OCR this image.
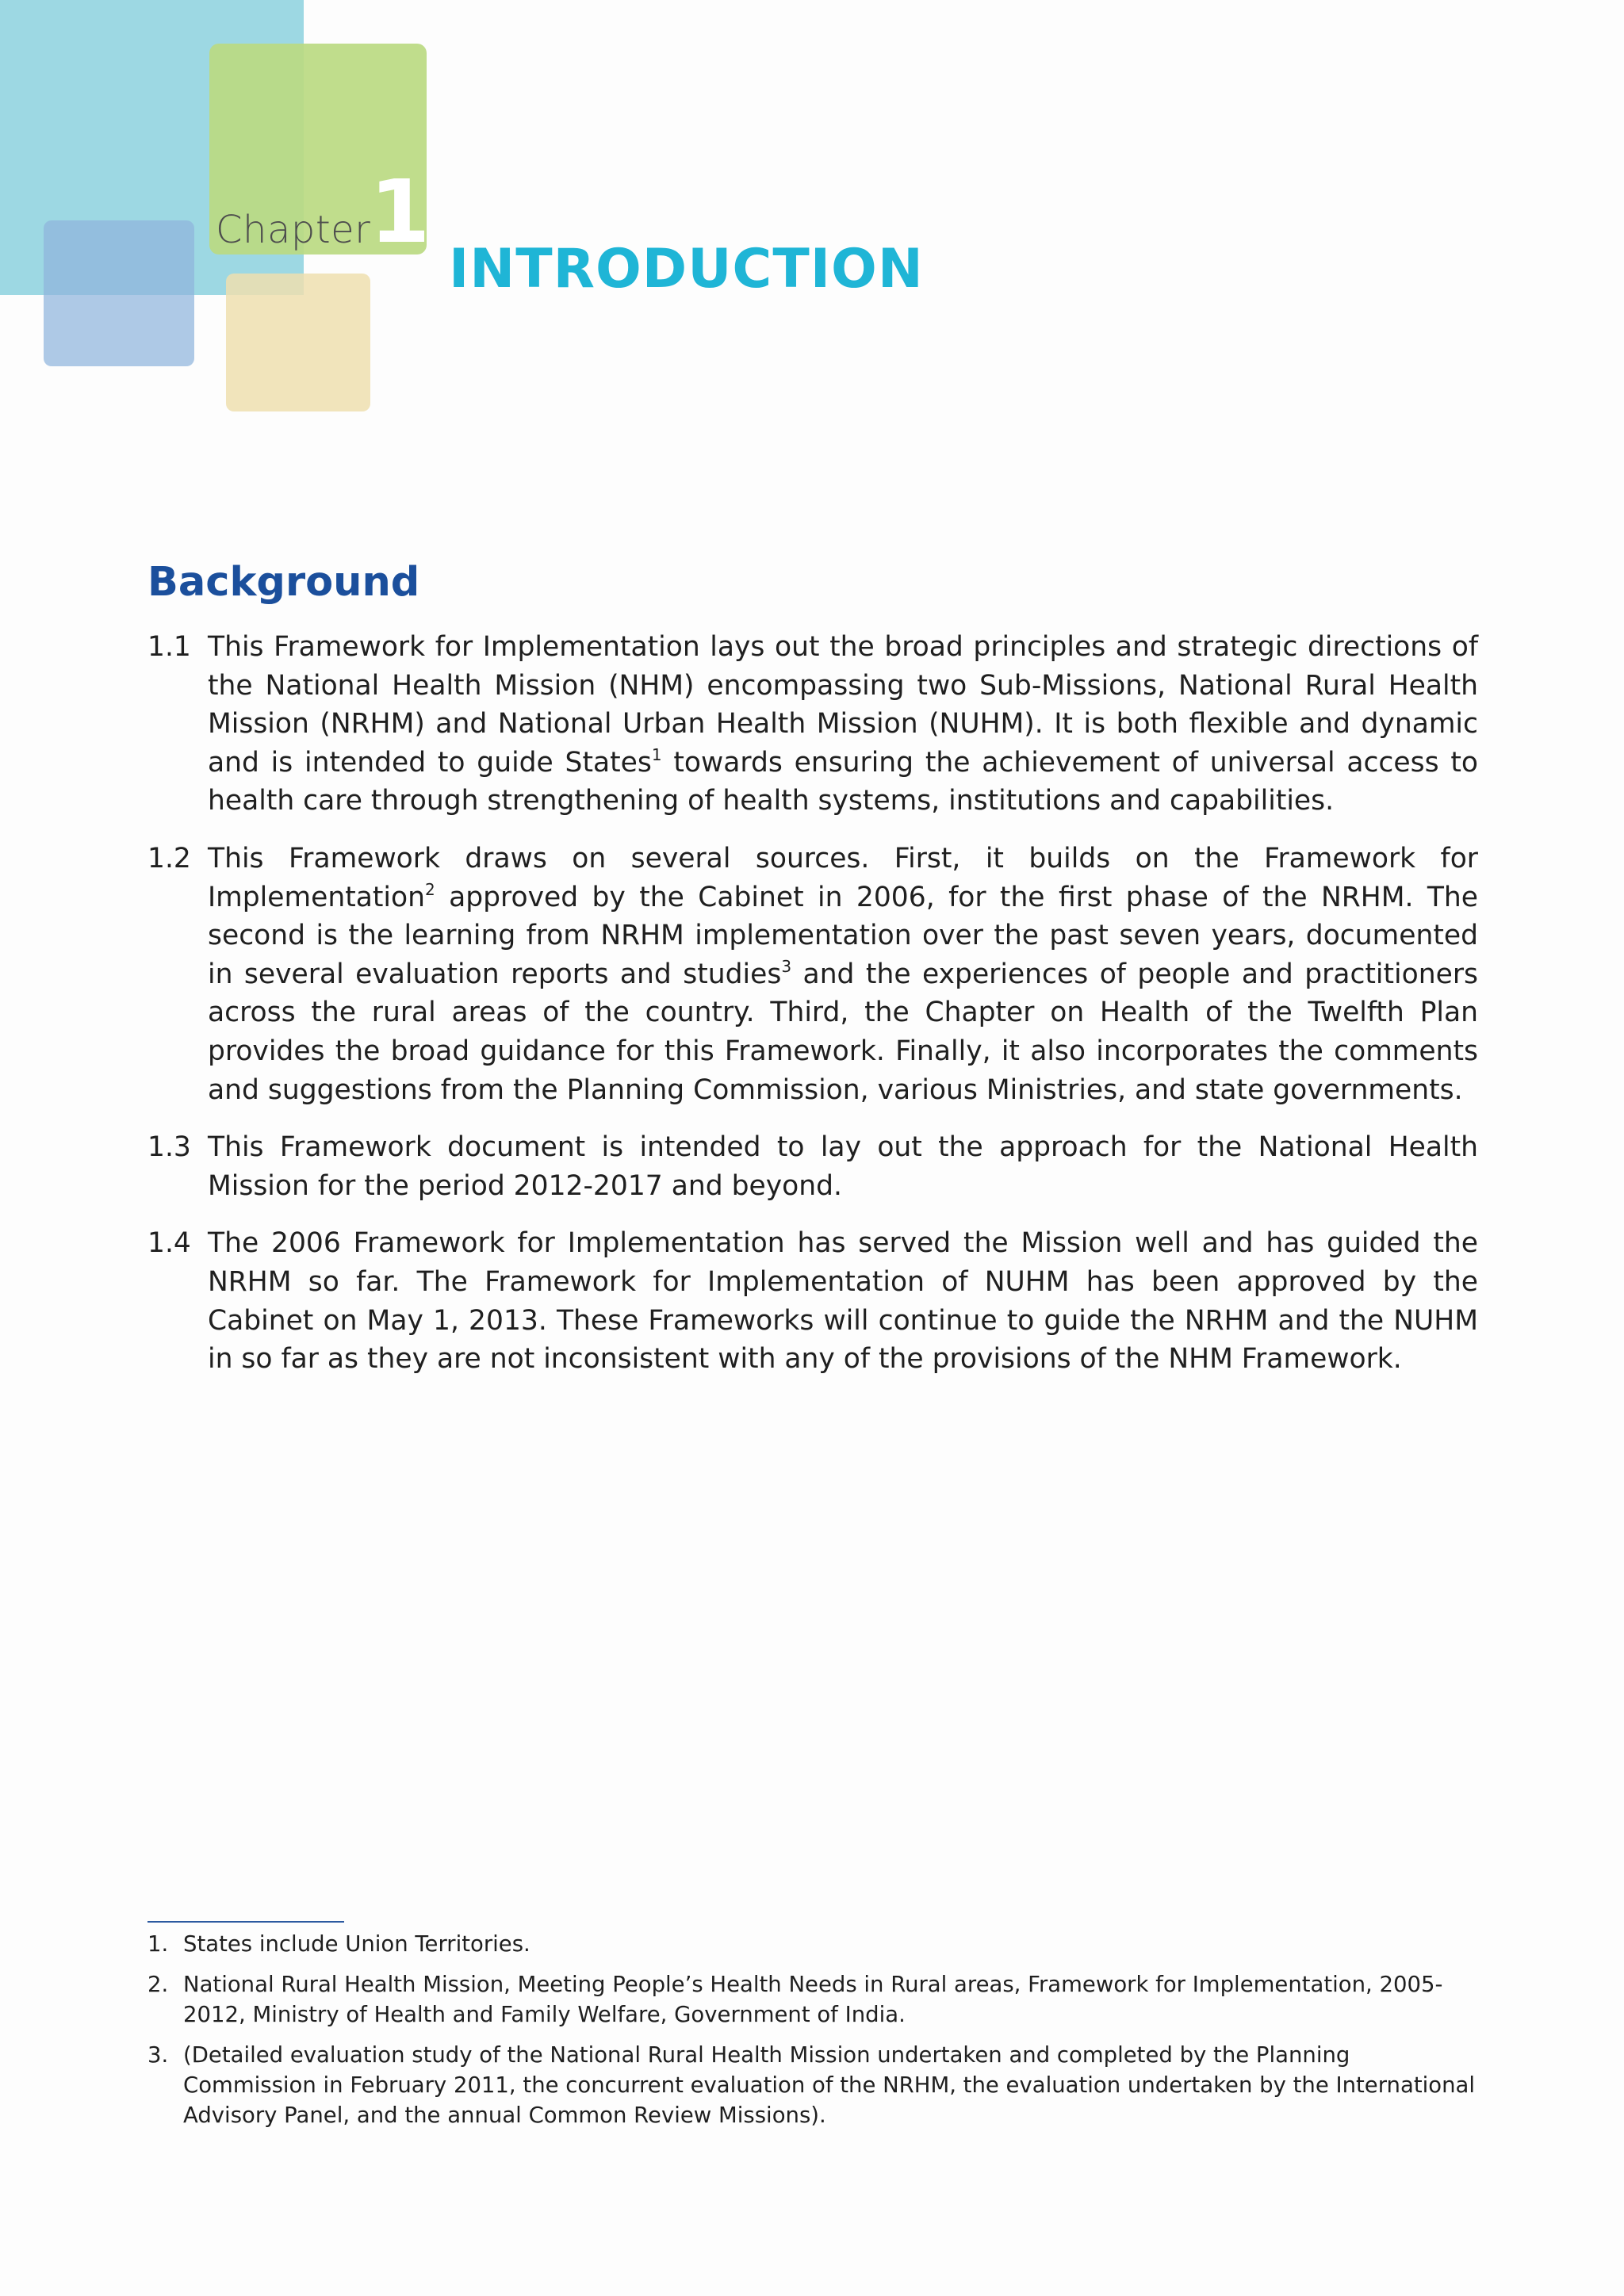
Chapter
1
INTRODUCTION
Background
1.1 This Framework for Implementation lays out the broad principles and strategic directions of the National Health Mission (NHM) encompassing two Sub-Missions, National Rural Health Mission (NRHM) and National Urban Health Mission (NUHM). It is both flexible and dynamic and is intended to guide States$^1$ towards ensuring the achievement of universal access to health care through strengthening of health systems, institutions and capabilities.
1.2 This Framework draws on several sources. First, it builds on the Framework for Implementation$^2$ approved by the Cabinet in 2006, for the first phase of the NRHM. The second is the learning from NRHM implementation over the past seven years, documented in several evaluation reports and studies$^3$ and the experiences of people and practitioners across the rural areas of the country. Third, the Chapter on Health of the Twelfth Plan provides the broad guidance for this Framework. Finally, it also incorporates the comments and suggestions from the Planning Commission, various Ministries, and state governments.
1.3 This Framework document is intended to lay out the approach for the National Health Mission for the period 2012-2017 and beyond.
1.4 The 2006 Framework for Implementation has served the Mission well and has guided the NRHM so far. The Framework for Implementation of NUHM has been approved by the Cabinet on May 1, 2013. These Frameworks will continue to guide the NRHM and the NUHM in so far as they are not inconsistent with any of the provisions of the NHM Framework.
1. States include Union Territories.
2. National Rural Health Mission, Meeting People’s Health Needs in Rural areas, Framework for Implementation, 2005-2012, Ministry of Health and Family Welfare, Government of India.
3. (Detailed evaluation study of the National Rural Health Mission undertaken and completed by the Planning Commission in February 2011, the concurrent evaluation of the NRHM, the evaluation undertaken by the International Advisory Panel, and the annual Common Review Missions).
